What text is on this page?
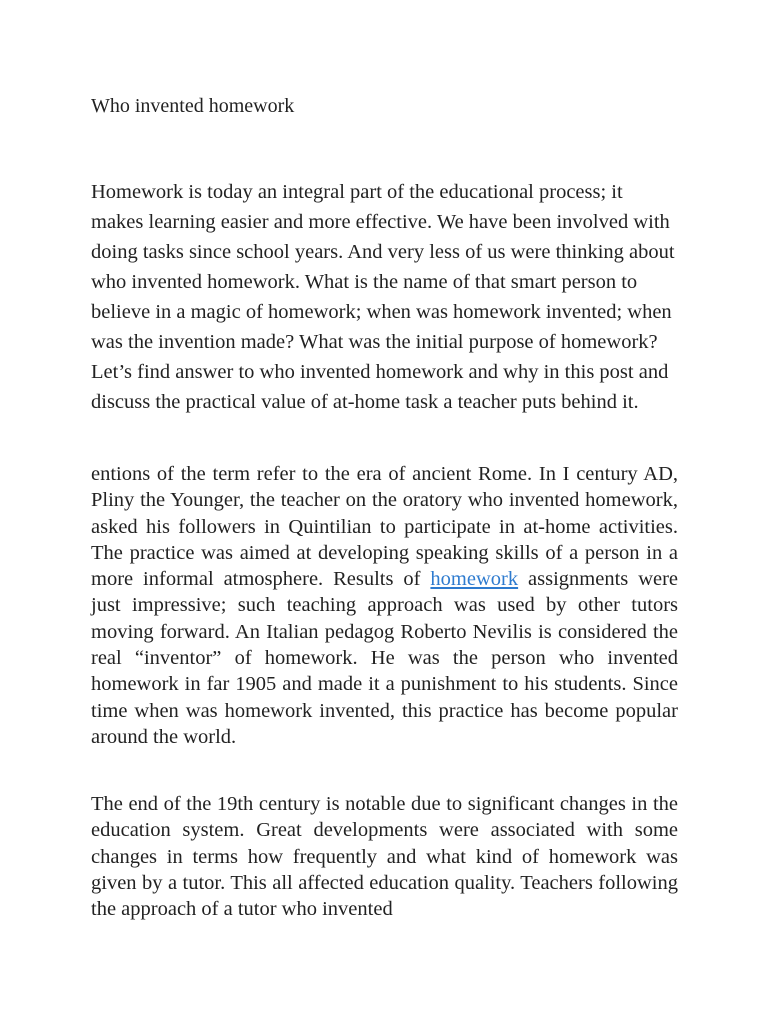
Who invented homework

Homework is today an integral part of the educational process; it makes learning easier and more effective. We have been involved with doing tasks since school years. And very less of us were thinking about who invented homework. What is the name of that smart person to believe in a magic of homework; when was homework invented; when was the invention made? What was the initial purpose of homework? Let’s find answer to who invented homework and why in this post and discuss the practical value of at-home task a teacher puts behind it.

entions of the term refer to the era of ancient Rome. In I century AD, Pliny the Younger, the teacher on the oratory who invented homework, asked his followers in Quintilian to participate in at-home activities. The practice was aimed at developing speaking skills of a person in a more informal atmosphere. Results of homework assignments were just impressive; such teaching approach was used by other tutors moving forward. An Italian pedagog Roberto Nevilis is considered the real “inventor” of homework. He was the person who invented homework in far 1905 and made it a punishment to his students. Since time when was homework invented, this practice has become popular around the world.

The end of the 19th century is notable due to significant changes in the education system. Great developments were associated with some changes in terms how frequently and what kind of homework was given by a tutor. This all affected education quality. Teachers following the approach of a tutor who invented
